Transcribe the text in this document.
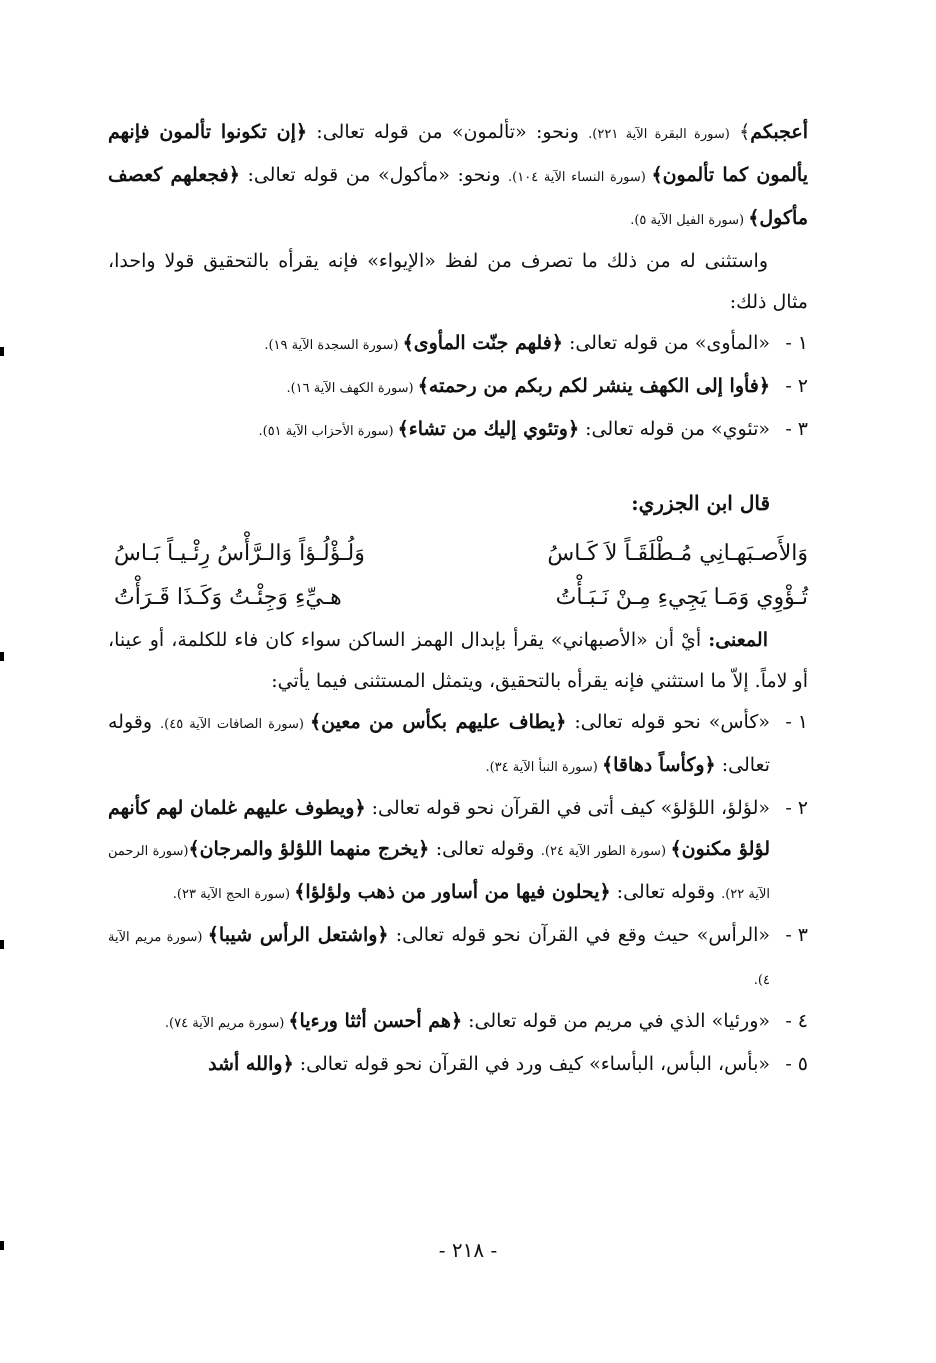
أعجبكم﴾ (سورة البقرة الآية ٢٢١). ونحو: «تألمون» من قوله تعالى: ﴿إن تكونوا تألمون فإنهم يألمون كما تألمون﴾ (سورة النساء الآية ١٠٤). ونحو: «مأكول» من قوله تعالى: ﴿فجعلهم كعصف مأكول﴾ (سورة الفيل الآية ٥).

واستثنى له من ذلك ما تصرف من لفظ «الإيواء» فإنه يقرأه بالتحقيق قولا واحدا، مثال ذلك:

١ -
«المأوى» من قوله تعالى: ﴿فلهم جنّت المأوى﴾ (سورة السجدة الآية ١٩).

٢ -
﴿فأوا إلى الكهف ينشر لكم ربكم من رحمته﴾ (سورة الكهف الآية ١٦).

٣ -
«تئوي» من قوله تعالى: ﴿وتئوي إليك من تشاء﴾ (سورة الأحزاب الآية ٥١).

قال ابن الجزري:

وَالأَصـبَهـانِي مُـطْلَقَـاً لاَ كَـاسُ
وَلُـؤْلُـؤاً وَالـرَّأْسُ رِئْـيـاً بَـاسُ
تُـؤْوِي وَمَـا يَجِيءِ مِـنْ نَـبَـأْتُ
هـيِّءِ وَجِئْـتُ وَكَـذَا قَـرَأْتُ

المعنى: أيْ أن «الأصبهاني» يقرأ بإبدال الهمز الساكن سواء كان فاء للكلمة، أو عينا، أو لاماً. إلاّ ما استثني فإنه يقرأه بالتحقيق، ويتمثل المستثنى فيما يأتي:

١ -
«كأس» نحو قوله تعالى: ﴿يطاف عليهم بكأس من معين﴾ (سورة الصافات الآية ٤٥). وقوله تعالى: ﴿وكأساً دهاقا﴾ (سورة النبأ الآية ٣٤).

٢ -
«لؤلؤ، اللؤلؤ» كيف أتى في القرآن نحو قوله تعالى: ﴿ويطوف عليهم غلمان لهم كأنهم لؤلؤ مكنون﴾ (سورة الطور الآية ٢٤). وقوله تعالى: ﴿يخرج منهما اللؤلؤ والمرجان﴾(سورة الرحمن الآية ٢٢). وقوله تعالى: ﴿يحلون فيها من أساور من ذهب ولؤلؤا﴾ (سورة الحج الآية ٢٣).

٣ -
«الرأس» حيث وقع في القرآن نحو قوله تعالى: ﴿واشتعل الرأس شيبا﴾ (سورة مريم الآية ٤).

٤ -
«ورئيا» الذي في مريم من قوله تعالى: ﴿هم أحسن أثثا ورءيا﴾ (سورة مريم الآية ٧٤).

٥ -
«بأس، البأس، البأساء» كيف ورد في القرآن نحو قوله تعالى: ﴿والله أشد

- ٢١٨ -
